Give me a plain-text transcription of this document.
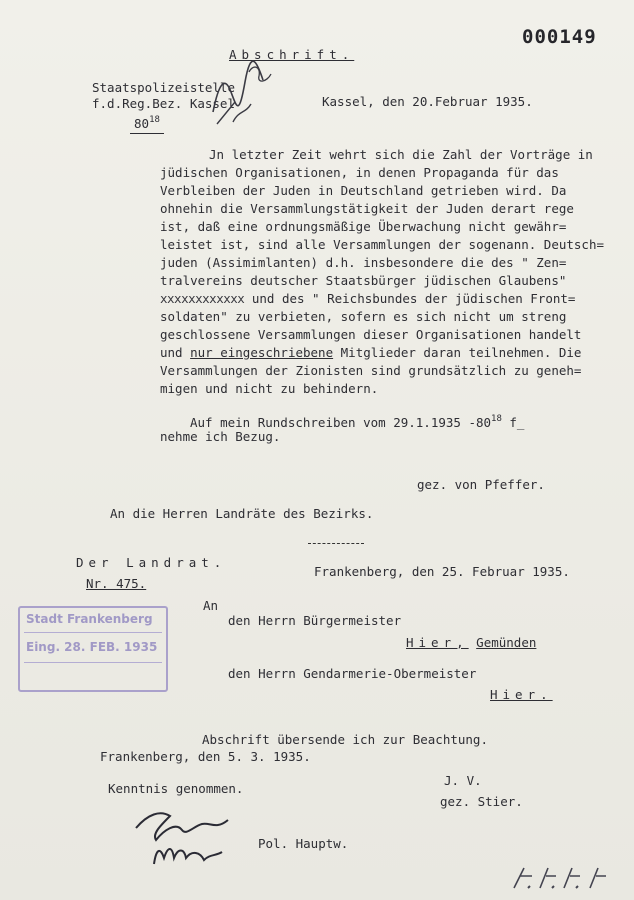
000149
Abschrift.
Staatspolizeistelle
f.d.Reg.Bez. Kassel
$80^{18}$
Kassel, den 20.Februar 1935.
Jn letzter Zeit wehrt sich die Zahl der Vorträge in
jüdischen Organisationen, in denen Propaganda für das
Verbleiben der Juden in Deutschland getrieben wird. Da
ohnehin die Versammlungstätigkeit der Juden derart rege
ist, daß eine ordnungsmäßige Überwachung nicht gewähr=
leistet ist, sind alle Versammlungen der sogenann. Deutsch=
juden (Assimimlanten) d.h. insbesondere die des " Zen=
tralvereins deutscher Staatsbürger jüdischen Glaubens"
xxxxxxxxxxxx und des " Reichsbundes der jüdischen Front=
soldaten" zu verbieten, sofern es sich nicht um streng
geschlossene Versammlungen dieser Organisationen handelt
und nur eingeschriebene Mitglieder daran teilnehmen. Die
Versammlungen der Zionisten sind grundsätzlich zu geneh=
migen und nicht zu behindern.
Auf mein Rundschreiben vom 29.1.1935 $-80^{18}$ f_
nehme ich Bezug.
gez. von Pfeffer.
An die Herren Landräte des Bezirks.
Der Landrat.
Nr. 475.
Frankenberg, den 25. Februar 1935.
Stadt Frankenberg
Eing. 28. FEB. 1935
An
den Herrn Bürgermeister
Hier, Gemünden
den Herrn Gendarmerie-Obermeister
Hier.
Abschrift übersende ich zur Beachtung.
Frankenberg, den 5. 3. 1935.
J. V.
Kenntnis genommen.
gez. Stier.
Pol. Hauptw.
